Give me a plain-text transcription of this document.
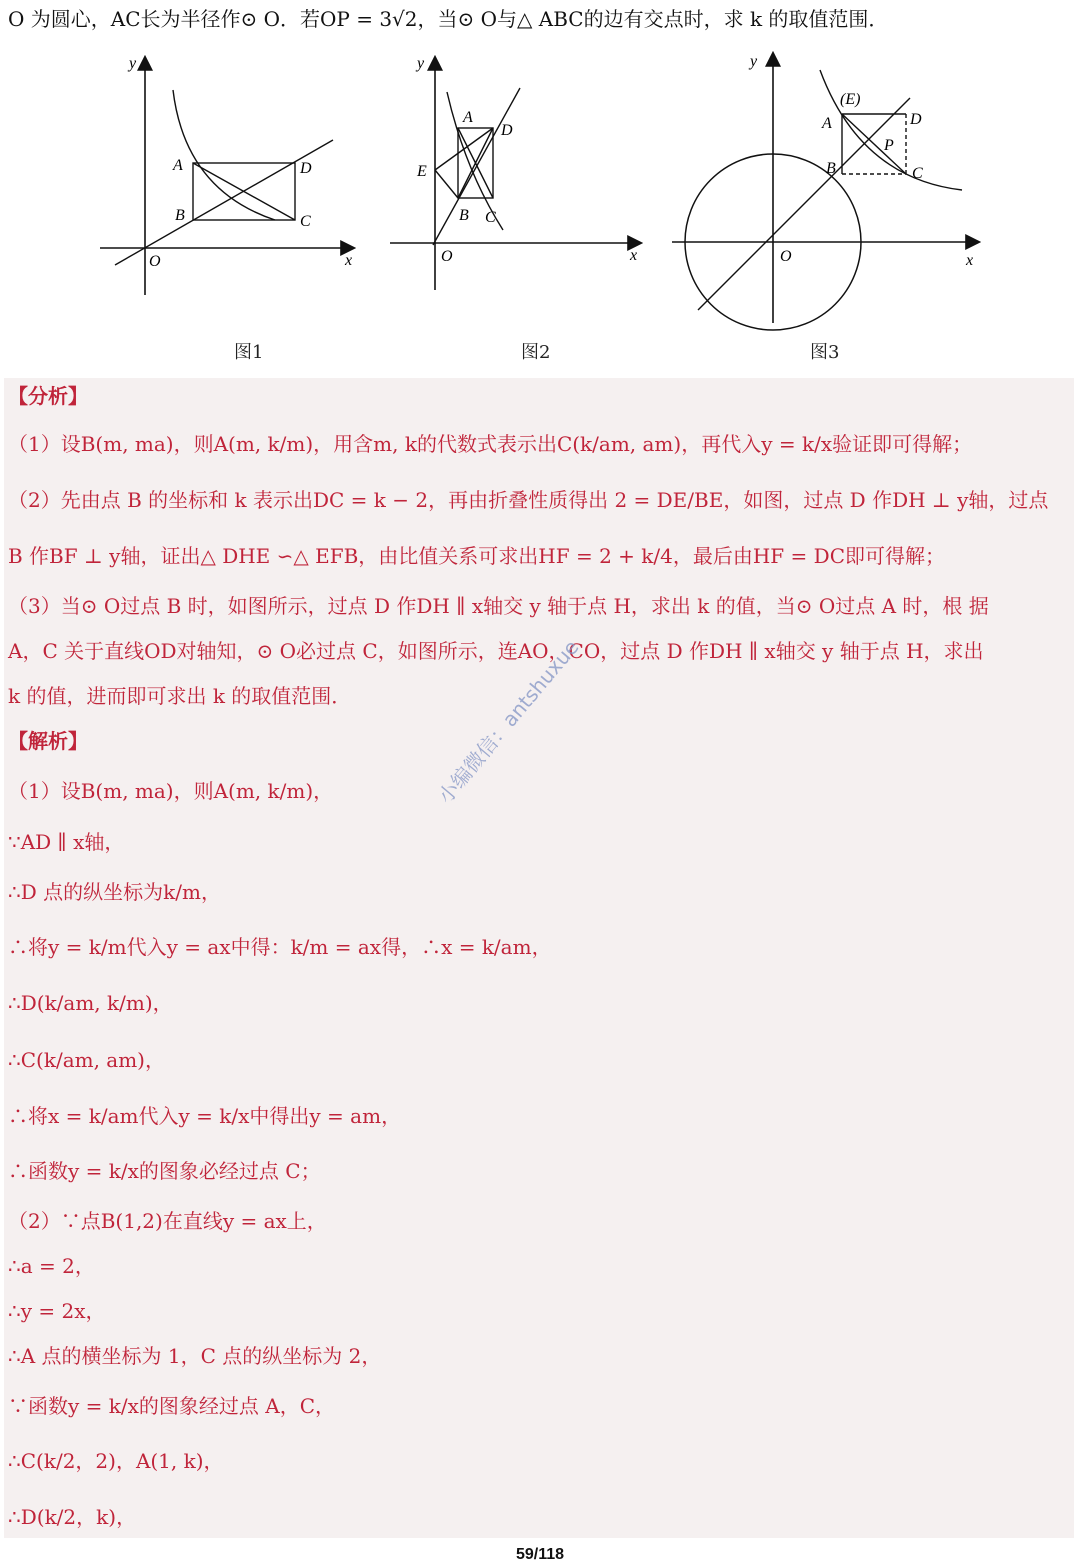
O 为圆心，AC长为半径作⊙ O．若OP = 3√2，当⊙ O与△ ABC的边有交点时，求 k 的取值范围．
y
x
O
A
B	C
D
图1
y
x
O
A
B C
D
E
图2
y
x
O
A
B	C
D
(E)
P
图3
【分析】
（1）设B(m, ma)，则A(m, k/m)，用含m, k的代数式表示出C(k/am, am)，再代入y = k/x验证即可得解；
（2）先由点 B 的坐标和 k 表示出DC = k − 2，再由折叠性质得出 2 = DE/BE，如图，过点 D 作DH ⊥ y轴，过点
B 作BF ⊥ y轴，证出△ DHE ∽△ EFB，由比值关系可求出HF = 2 + k/4，最后由HF = DC即可得解；
（3）当⊙ O过点 B 时，如图所示，过点 D 作DH ∥ x轴交 y 轴于点 H，求出 k 的值，当⊙ O过点 A 时，根 据
A，C 关于直线OD对轴知，⊙ O必过点 C，如图所示，连AO，CO，过点 D 作DH ∥ x轴交 y 轴于点 H，求出
k 的值，进而即可求出 k 的取值范围．
【解析】
（1）设B(m, ma)，则A(m, k/m)，
∵AD ∥ x轴，
∴D 点的纵坐标为k/m，
∴将y = k/m代入y = ax中得：k/m = ax得，∴x = k/am，
∴D(k/am, k/m)，
∴C(k/am, am)，
∴将x = k/am代入y = k/x中得出y = am，
∴函数y = k/x的图象必经过点 C；
（2）∵点B(1,2)在直线y = ax上，
∴a = 2，
∴y = 2x，
∴A 点的横坐标为 1，C 点的纵坐标为 2，
∵函数y = k/x的图象经过点 A，C，
∴C(k/2，2)，A(1, k)，
∴D(k/2，k)，
小编微信：antshuxue
59/118
